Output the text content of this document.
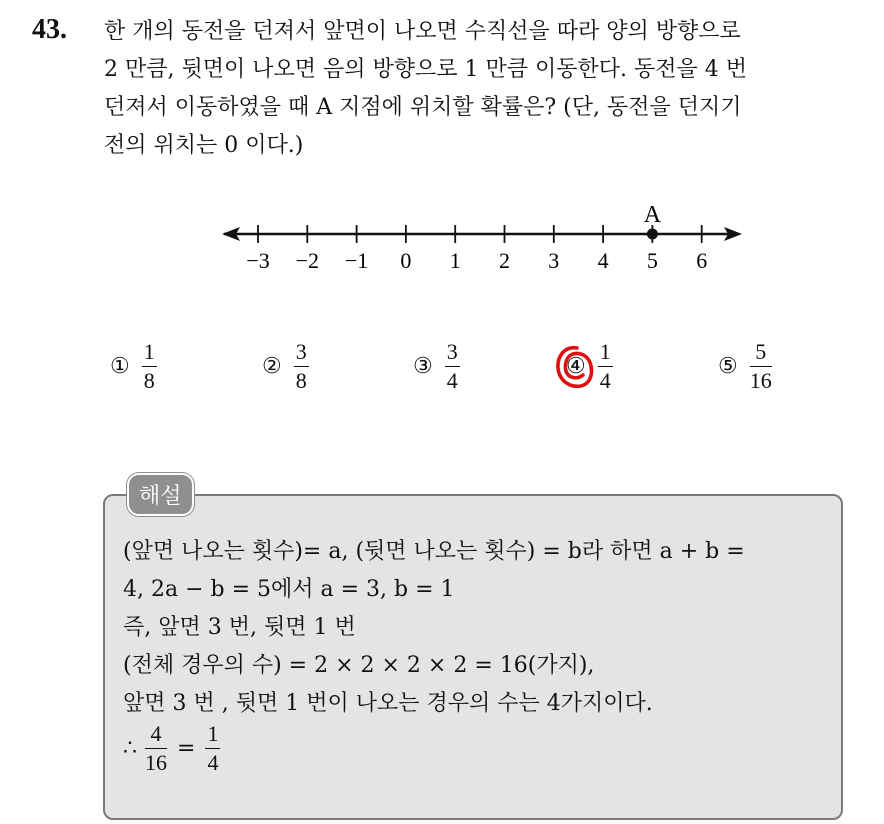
43. 한 개의 동전을 던져서 앞면이 나오면 수직선을 따라 양의 방향으로
2 만큼, 뒷면이 나오면 음의 방향으로 1 만큼 이동한다. 동전을 4 번
던져서 이동하였을 때 A 지점에 위치할 확률은? (단, 동전을 던지기
전의 위치는 0 이다.)
−3 −2 −1 0 1 2 3 4 5 6
A
① $\frac{1}{8}$	② $\frac{3}{8}$	③ $\frac{3}{4}$	④ $\frac{1}{4}$	⑤ $\frac{5}{16}$
해설
(앞면 나오는 횟수)= a, (뒷면 나오는 횟수) = b라 하면 a + b =
4, 2a − b = 5에서 a = 3, b = 1
즉, 앞면 3 번, 뒷면 1 번
(전체 경우의 수) = 2 × 2 × 2 × 2 = 16(가지),
앞면 3 번 , 뒷면 1 번이 나오는 경우의 수는 4가지이다.
∴ $\frac{4}{16} = \frac{1}{4}$
